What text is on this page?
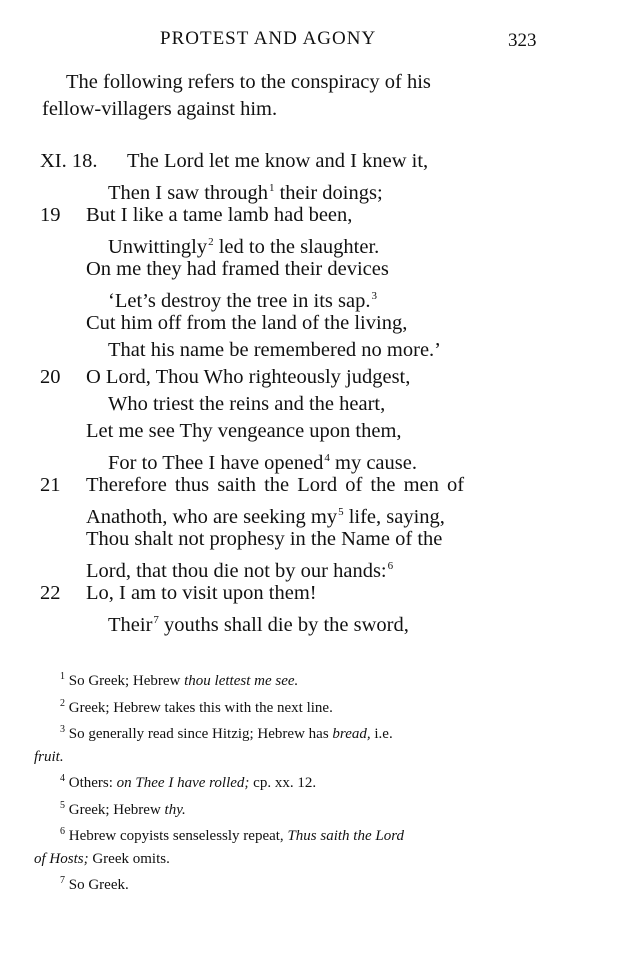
PROTEST AND AGONY	323
The following refers to the conspiracy of his
fellow-villagers against him.
XI. 18. The Lord let me know and I knew it,
Then I saw through$^1$ their doings;
19 But I like a tame lamb had been,
Unwittingly$^2$ led to the slaughter.
On me they had framed their devices
‘Let’s destroy the tree in its sap.$^3$
Cut him off from the land of the living,
That his name be remembered no more.’
20 O Lord, Thou Who righteously judgest,
Who triest the reins and the heart,
Let me see Thy vengeance upon them,
For to Thee I have opened$^4$ my cause.
21 Therefore thus saith the Lord of the men of
Anathoth, who are seeking $my^5$ life, saying,
Thou shalt not prophesy in the Name of the
Lord, that thou die not by our hands:$^6$
22 Lo, I am to visit upon them!
Their$^7$ youths shall die by the sword,
$^1$ So Greek; Hebrew thou lettest me see.
$^2$ Greek; Hebrew takes this with the next line.
$^3$ So generally read since Hitzig; Hebrew has bread, i.e.
fruit.
$^4$ Others: on Thee I have rolled; cp. xx. 12.
$^5$ Greek; Hebrew thy.
$^6$ Hebrew copyists senselessly repeat, Thus saith the Lord
of Hosts; Greek omits.
$^7$ So Greek.
